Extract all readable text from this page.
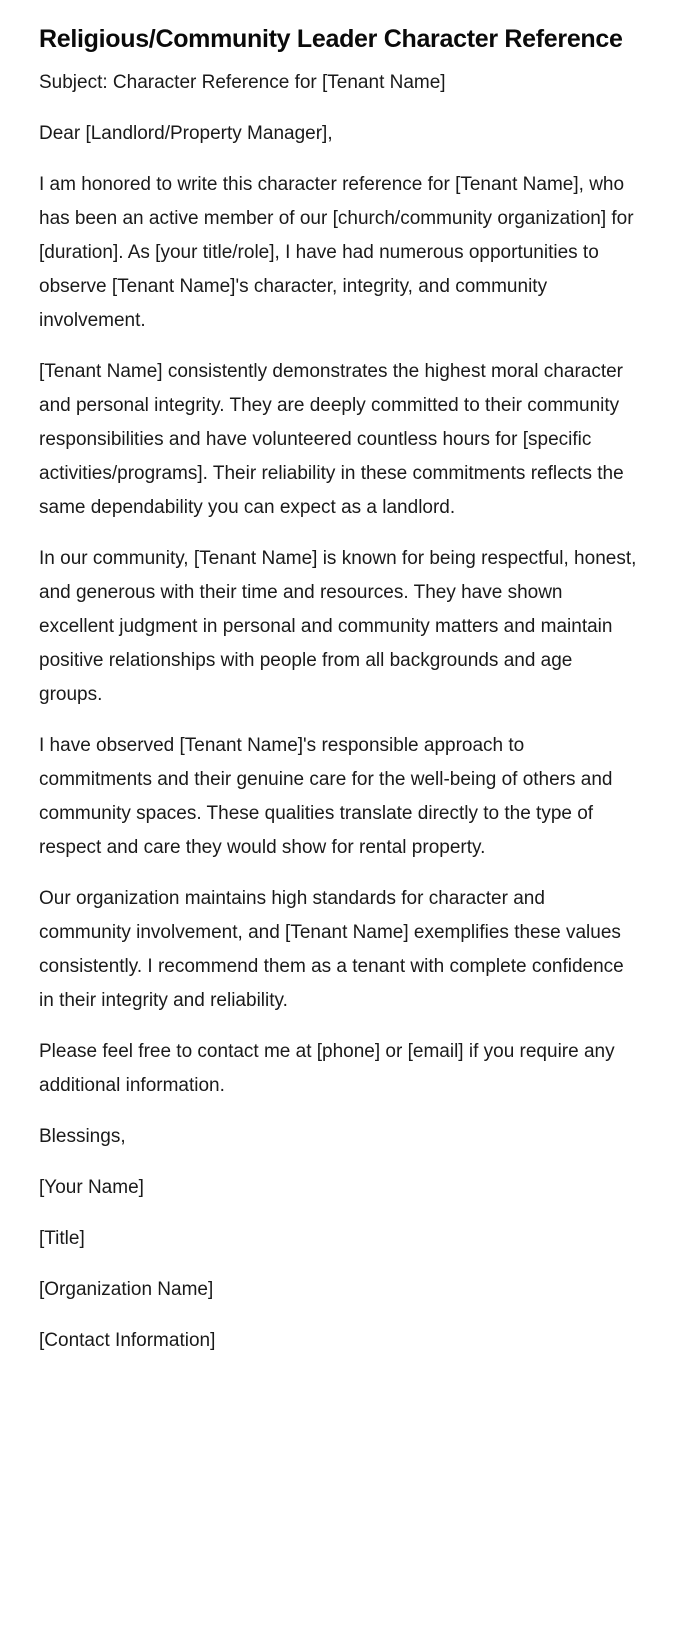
Religious/Community Leader Character Reference

Subject: Character Reference for [Tenant Name]

Dear [Landlord/Property Manager],

I am honored to write this character reference for [Tenant Name], who has been an active member of our [church/community organization] for [duration]. As [your title/role], I have had numerous opportunities to observe [Tenant Name]'s character, integrity, and community involvement.

[Tenant Name] consistently demonstrates the highest moral character and personal integrity. They are deeply committed to their community responsibilities and have volunteered countless hours for [specific activities/programs]. Their reliability in these commitments reflects the same dependability you can expect as a landlord.

In our community, [Tenant Name] is known for being respectful, honest, and generous with their time and resources. They have shown excellent judgment in personal and community matters and maintain positive relationships with people from all backgrounds and age groups.

I have observed [Tenant Name]'s responsible approach to commitments and their genuine care for the well-being of others and community spaces. These qualities translate directly to the type of respect and care they would show for rental property.

Our organization maintains high standards for character and community involvement, and [Tenant Name] exemplifies these values consistently. I recommend them as a tenant with complete confidence in their integrity and reliability.

Please feel free to contact me at [phone] or [email] if you require any additional information.

Blessings,

[Your Name]

[Title]

[Organization Name]

[Contact Information]
